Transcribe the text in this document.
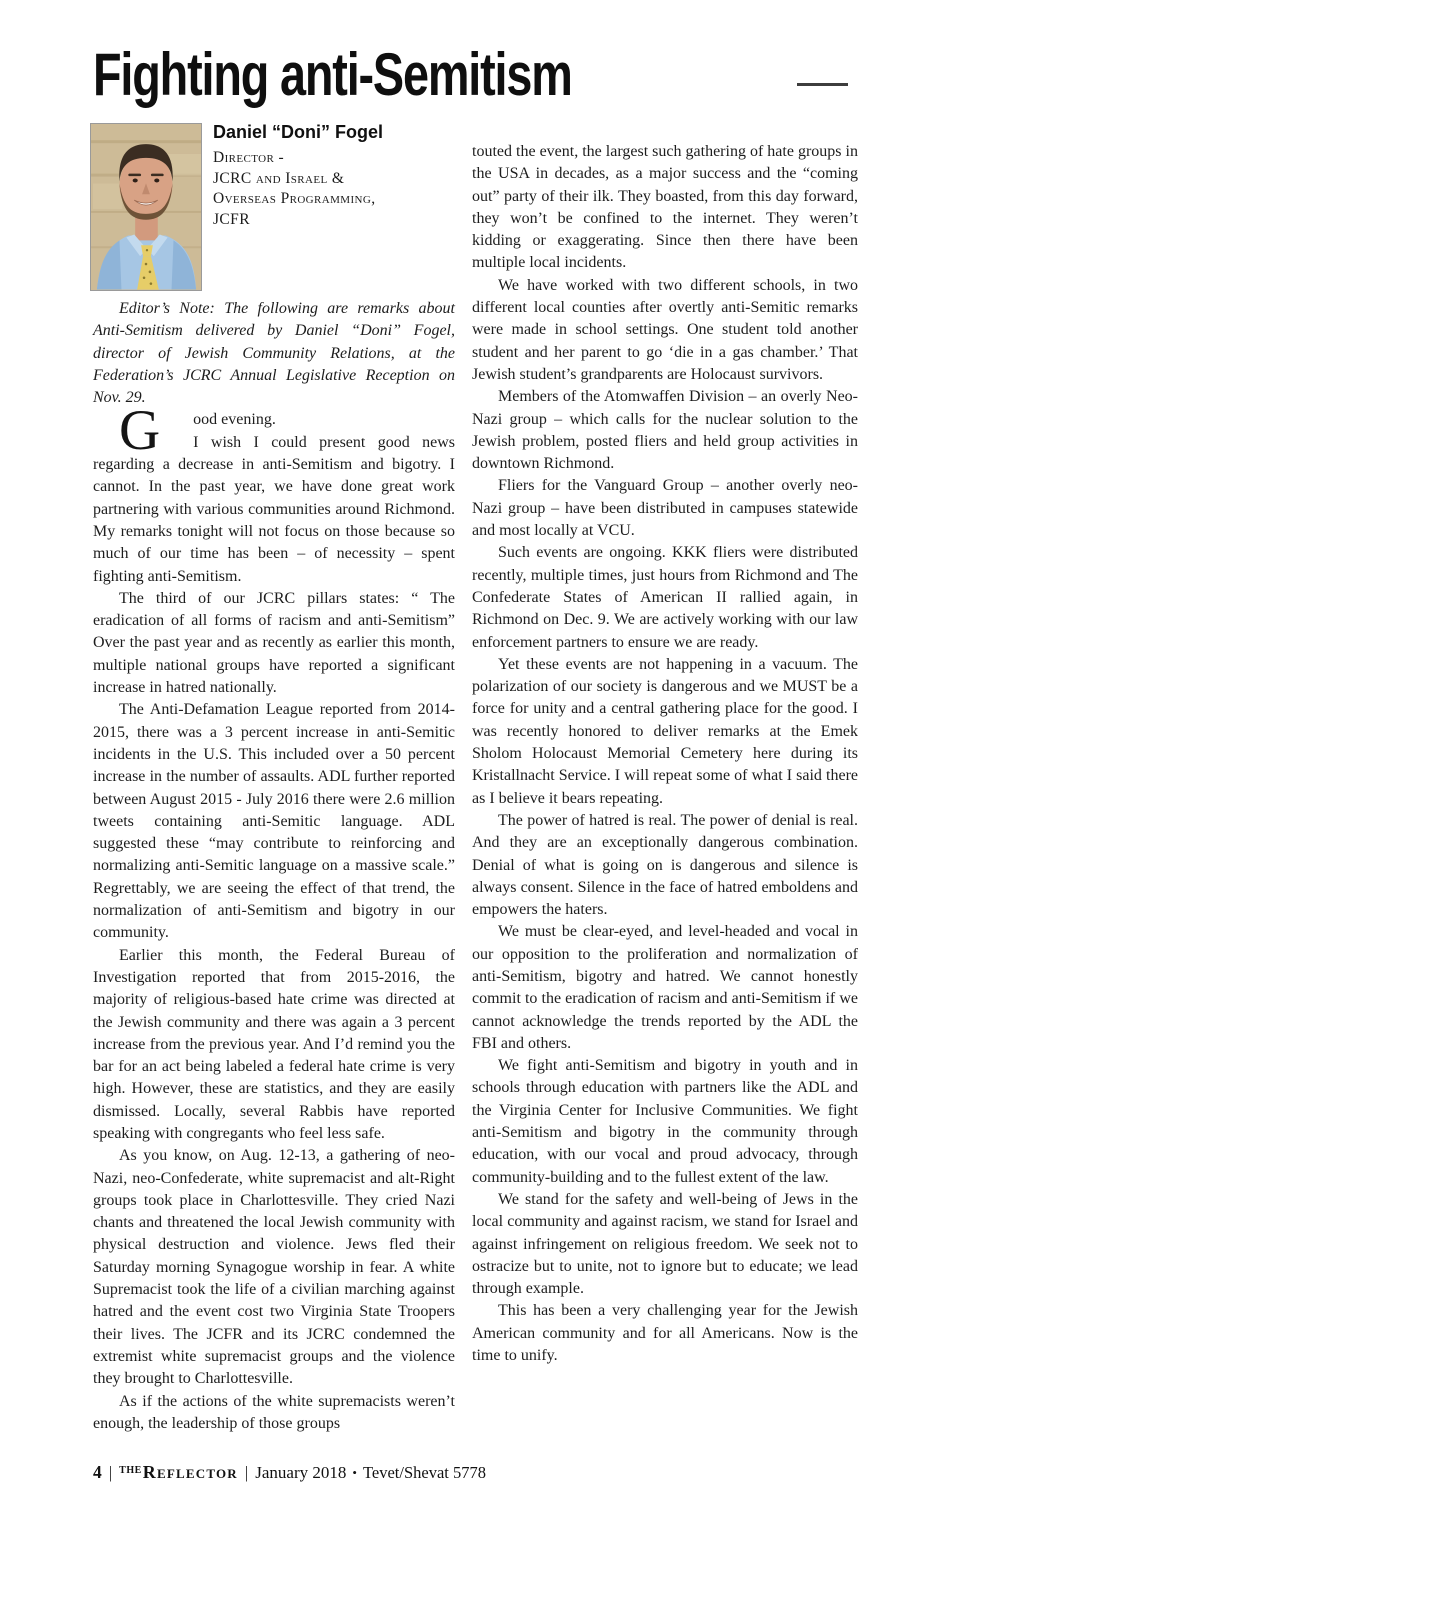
Fighting anti-Semitism
Daniel “Doni” Fogel
Director -
JCRC and Israel &
Overseas Programming,
JCFR

Editor’s Note: The following are remarks about Anti-Semitism delivered by Daniel “Doni” Fogel, director of Jewish Community Relations, at the Federation’s JCRC Annual Legislative Reception on Nov. 29.

G	ood evening.
I wish I could present good news regarding a decrease in anti-Semitism and bigotry. I cannot. In the past year, we have done great work partnering with various communities around Richmond. My remarks tonight will not focus on those because so much of our time has been – of necessity – spent fighting anti-Semitism.

The third of our JCRC pillars states: “ The eradication of all forms of racism and anti-Semitism” Over the past year and as recently as earlier this month, multiple national groups have reported a significant increase in hatred nationally.

The Anti-Defamation League reported from 2014-2015, there was a 3 percent increase in anti-Semitic incidents in the U.S. This included over a 50 percent increase in the number of assaults. ADL further reported between August 2015 - July 2016 there were 2.6 million tweets containing anti-Semitic language. ADL suggested these “may contribute to reinforcing and normalizing anti-Semitic language on a massive scale.” Regrettably, we are seeing the effect of that trend, the normalization of anti-Semitism and bigotry in our community.

Earlier this month, the Federal Bureau of Investigation reported that from 2015-2016, the majority of religious-based hate crime was directed at the Jewish community and there was again a 3 percent increase from the previous year. And I’d remind you the bar for an act being labeled a federal hate crime is very high. However, these are statistics, and they are easily dismissed. Locally, several Rabbis have reported speaking with congregants who feel less safe.

As you know, on Aug. 12-13, a gathering of neo-Nazi, neo-Confederate, white supremacist and alt-Right groups took place in Charlottesville. They cried Nazi chants and threatened the local Jewish community with physical destruction and violence. Jews fled their Saturday morning Synagogue worship in fear. A white Supremacist took the life of a civilian marching against hatred and the event cost two Virginia State Troopers their lives. The JCFR and its JCRC condemned the extremist white supremacist groups and the violence they brought to Charlottesville.

As if the actions of the white supremacists weren’t enough, the leadership of those groups

touted the event, the largest such gathering of hate groups in the USA in decades, as a major success and the “coming out” party of their ilk. They boasted, from this day forward, they won’t be confined to the internet. They weren’t kidding or exaggerating. Since then there have been multiple local incidents.

We have worked with two different schools, in two different local counties after overtly anti-Semitic remarks were made in school settings. One student told another student and her parent to go ‘die in a gas chamber.’ That Jewish student’s grandparents are Holocaust survivors.

Members of the Atomwaffen Division – an overly Neo-Nazi group – which calls for the nuclear solution to the Jewish problem, posted fliers and held group activities in downtown Richmond.

Fliers for the Vanguard Group – another overly neo-Nazi group – have been distributed in campuses statewide and most locally at VCU.

Such events are ongoing. KKK fliers were distributed recently, multiple times, just hours from Richmond and The Confederate States of American II rallied again, in Richmond on Dec. 9. We are actively working with our law enforcement partners to ensure we are ready.

Yet these events are not happening in a vacuum. The polarization of our society is dangerous and we MUST be a force for unity and a central gathering place for the good. I was recently honored to deliver remarks at the Emek Sholom Holocaust Memorial Cemetery here during its Kristallnacht Service. I will repeat some of what I said there as I believe it bears repeating.

The power of hatred is real. The power of denial is real. And they are an exceptionally dangerous combination. Denial of what is going on is dangerous and silence is always consent. Silence in the face of hatred emboldens and empowers the haters.

We must be clear-eyed, and level-headed and vocal in our opposition to the proliferation and normalization of anti-Semitism, bigotry and hatred. We cannot honestly commit to the eradication of racism and anti-Semitism if we cannot acknowledge the trends reported by the ADL the FBI and others.

We fight anti-Semitism and bigotry in youth and in schools through education with partners like the ADL and the Virginia Center for Inclusive Communities. We fight anti-Semitism and bigotry in the community through education, with our vocal and proud advocacy, through community-building and to the fullest extent of the law.

We stand for the safety and well-being of Jews in the local community and against racism, we stand for Israel and against infringement on religious freedom. We seek not to ostracize but to unite, not to ignore but to educate; we lead through example.

This has been a very challenging year for the Jewish American community and for all Americans. Now is the time to unify.

4 | $^{THE}$Reflector | January 2018 • Tevet/Shevat 5778
